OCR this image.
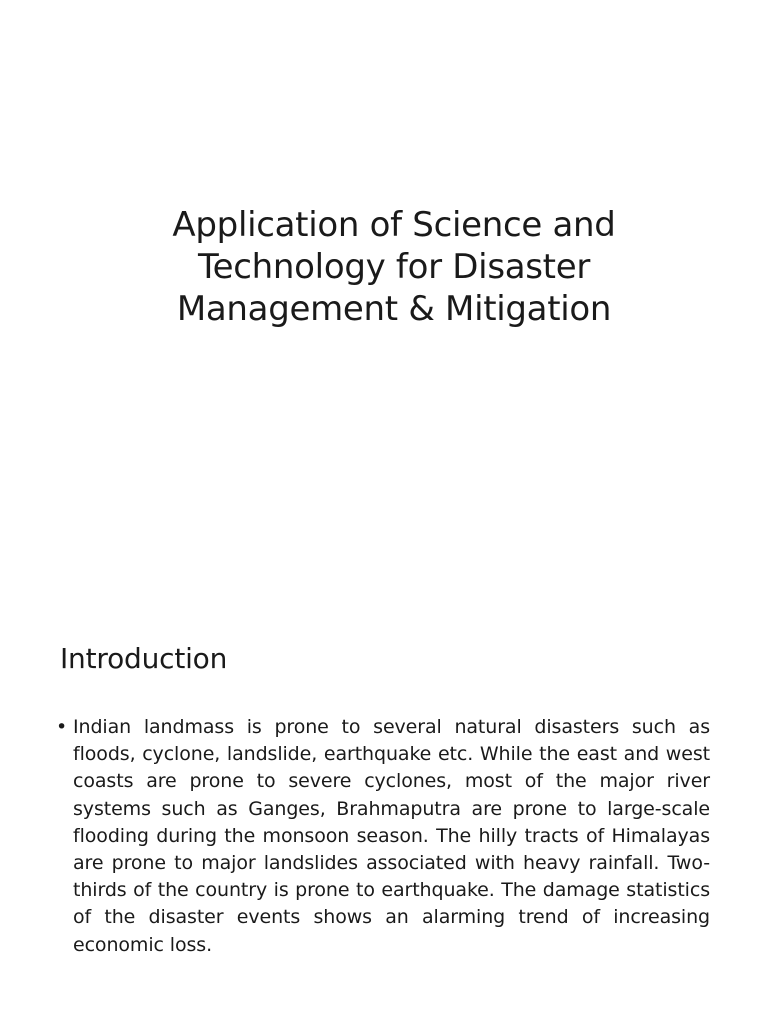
Application of Science and
Technology for Disaster
Management & Mitigation
Introduction
• Indian landmass is prone to several natural disasters such as floods, cyclone, landslide, earthquake etc. While the east and west coasts are prone to severe cyclones, most of the major river systems such as Ganges, Brahmaputra are prone to large-scale flooding during the monsoon season. The hilly tracts of Himalayas are prone to major landslides associated with heavy rainfall. Two-thirds of the country is prone to earthquake. The damage statistics of the disaster events shows an alarming trend of increasing economic loss.
